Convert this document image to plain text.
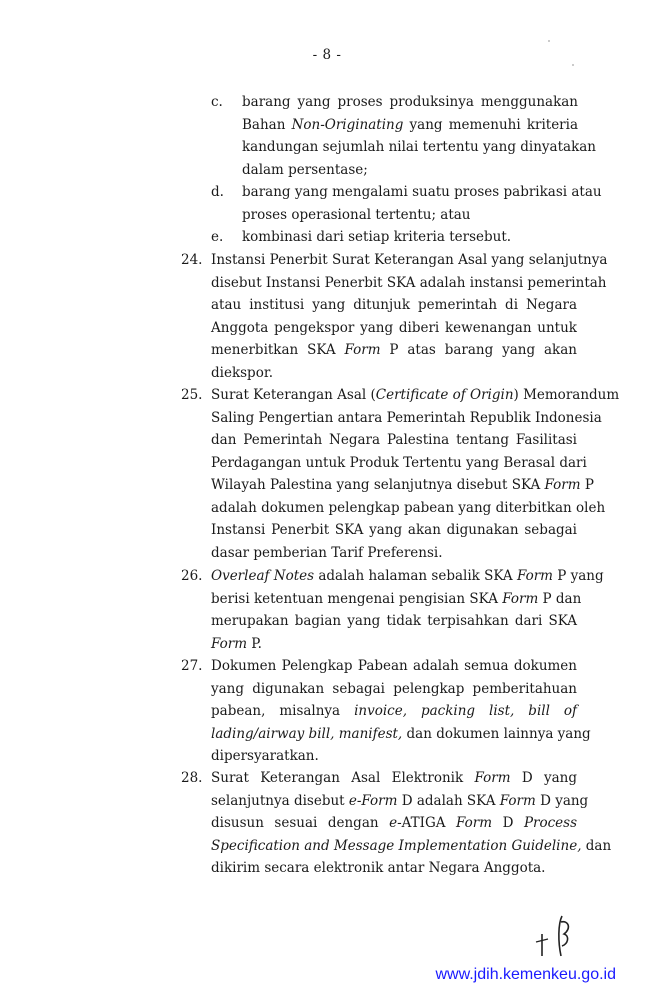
- 8 -
c. barang yang proses produksinya menggunakan
Bahan Non-Originating yang memenuhi kriteria
kandungan sejumlah nilai tertentu yang dinyatakan
dalam persentase;
d. barang yang mengalami suatu proses pabrikasi atau
proses operasional tertentu; atau
e. kombinasi dari setiap kriteria tersebut.
24. Instansi Penerbit Surat Keterangan Asal yang selanjutnya
disebut Instansi Penerbit SKA adalah instansi pemerintah
atau institusi yang ditunjuk pemerintah di Negara
Anggota pengekspor yang diberi kewenangan untuk
menerbitkan SKA Form P atas barang yang akan
diekspor.
25. Surat Keterangan Asal (Certificate of Origin) Memorandum
Saling Pengertian antara Pemerintah Republik Indonesia
dan Pemerintah Negara Palestina tentang Fasilitasi
Perdagangan untuk Produk Tertentu yang Berasal dari
Wilayah Palestina yang selanjutnya disebut SKA Form P
adalah dokumen pelengkap pabean yang diterbitkan oleh
Instansi Penerbit SKA yang akan digunakan sebagai
dasar pemberian Tarif Preferensi.
26. Overleaf Notes adalah halaman sebalik SKA Form P yang
berisi ketentuan mengenai pengisian SKA Form P dan
merupakan bagian yang tidak terpisahkan dari SKA
Form P.
27. Dokumen Pelengkap Pabean adalah semua dokumen
yang digunakan sebagai pelengkap pemberitahuan
pabean, misalnya invoice, packing list, bill of
lading/airway bill, manifest, dan dokumen lainnya yang
dipersyaratkan.
28. Surat Keterangan Asal Elektronik Form D yang
selanjutnya disebut e-Form D adalah SKA Form D yang
disusun sesuai dengan e-ATIGA Form D Process
Specification and Message Implementation Guideline, dan
dikirim secara elektronik antar Negara Anggota.
www.jdih.kemenkeu.go.id
